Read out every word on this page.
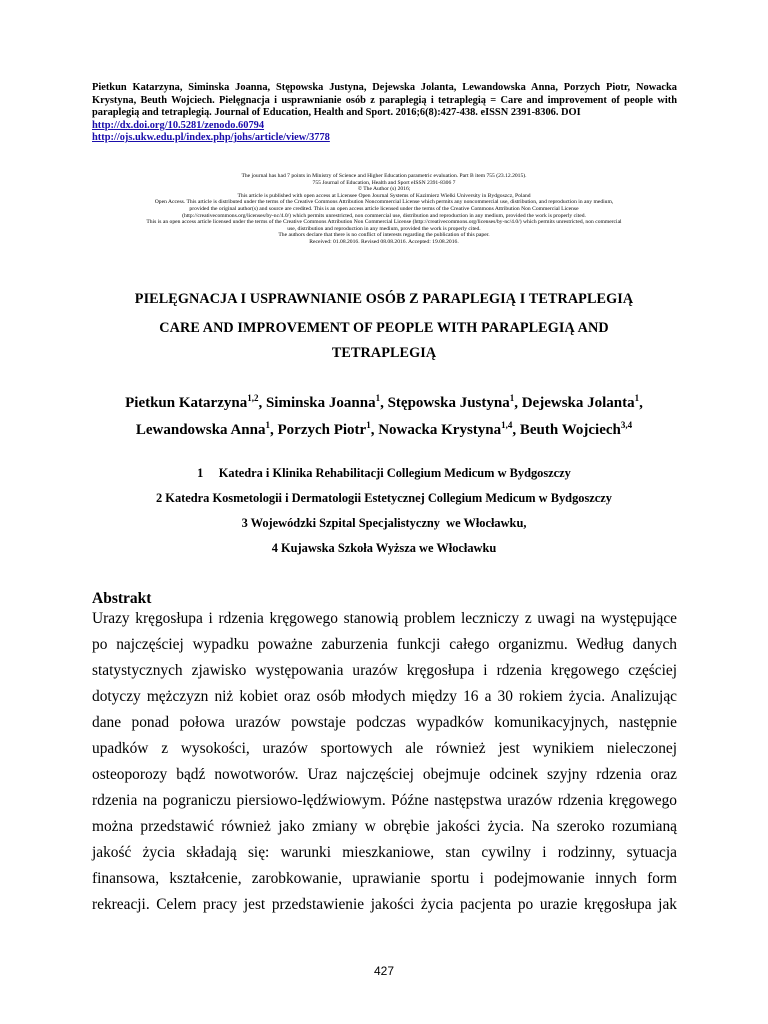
Pietkun Katarzyna, Siminska Joanna, Stępowska Justyna, Dejewska Jolanta, Lewandowska Anna, Porzych Piotr, Nowacka Krystyna, Beuth Wojciech. Pielęgnacja i usprawnianie osób z paraplegią i tetraplegią = Care and improvement of people with paraplegią and tetraplegią. Journal of Education, Health and Sport. 2016;6(8):427-438. eISSN 2391-8306. DOI
http://dx.doi.org/10.5281/zenodo.60794
http://ojs.ukw.edu.pl/index.php/johs/article/view/3778
The journal has had 7 points in Ministry of Science and Higher Education parametric evaluation. Part B item 755 (23.12.2015).
755 Journal of Education, Health and Sport eISSN 2391-8306 7
© The Author (s) 2016;
This article is published with open access at Licensee Open Journal Systems of Kazimierz Wielki University in Bydgoszcz, Poland
Open Access. This article is distributed under the terms of the Creative Commons Attribution Noncommercial License which permits any noncommercial use, distribution, and reproduction in any medium,
provided the original author(s) and source are credited. This is an open access article licensed under the terms of the Creative Commons Attribution Non Commercial License
(http://creativecommons.org/licenses/by-nc/4.0/) which permits unrestricted, non commercial use, distribution and reproduction in any medium, provided the work is properly cited.
This is an open access article licensed under the terms of the Creative Commons Attribution Non Commercial License (http://creativecommons.org/licenses/by-nc/4.0/) which permits unrestricted, non commercial
use, distribution and reproduction in any medium, provided the work is properly cited.
The authors declare that there is no conflict of interests regarding the publication of this paper.
Received: 01.08.2016. Revised 08.08.2016. Accepted: 19.08.2016.
PIELĘGNACJA I USPRAWNIANIE OSÓB Z PARAPLEGIĄ I TETRAPLEGIĄ
CARE AND IMPROVEMENT OF PEOPLE WITH PARAPLEGIĄ AND
TETRAPLEGIĄ
Pietkun Katarzyna$^{1,2}$, Siminska Joanna$^1$, Stępowska Justyna$^1$, Dejewska Jolanta$^1$,
Lewandowska Anna$^1$, Porzych Piotr$^1$, Nowacka Krystyna$^{1,4}$, Beuth Wojciech$^{3,4}$
1     Katedra i Klinika Rehabilitacji Collegium Medicum w Bydgoszczy
2 Katedra Kosmetologii i Dermatologii Estetycznej Collegium Medicum w Bydgoszczy
3 Wojewódzki Szpital Specjalistyczny  we Włocławku,
4 Kujawska Szkoła Wyższa we Włocławku
Abstrakt
Urazy kręgosłupa i rdzenia kręgowego stanowią problem leczniczy z uwagi na występujące
po najczęściej wypadku poważne zaburzenia funkcji całego organizmu. Według danych
statystycznych zjawisko występowania urazów kręgosłupa i rdzenia kręgowego częściej
dotyczy mężczyzn niż kobiet oraz osób młodych między 16 a 30 rokiem życia. Analizując
dane ponad połowa urazów powstaje podczas wypadków komunikacyjnych, następnie
upadków z wysokości, urazów sportowych ale również jest wynikiem nieleczonej
osteoporozy bądź nowotworów. Uraz najczęściej obejmuje odcinek szyjny rdzenia oraz
rdzenia na pograniczu piersiowo-lędźwiowym. Późne następstwa urazów rdzenia kręgowego
można przedstawić również jako zmiany w obrębie jakości życia. Na szeroko rozumianą
jakość życia składają się: warunki mieszkaniowe, stan cywilny i rodzinny, sytuacja
finansowa, kształcenie, zarobkowanie, uprawianie sportu i podejmowanie innych form
rekreacji. Celem pracy jest przedstawienie jakości życia pacjenta po urazie kręgosłupa jak
427
